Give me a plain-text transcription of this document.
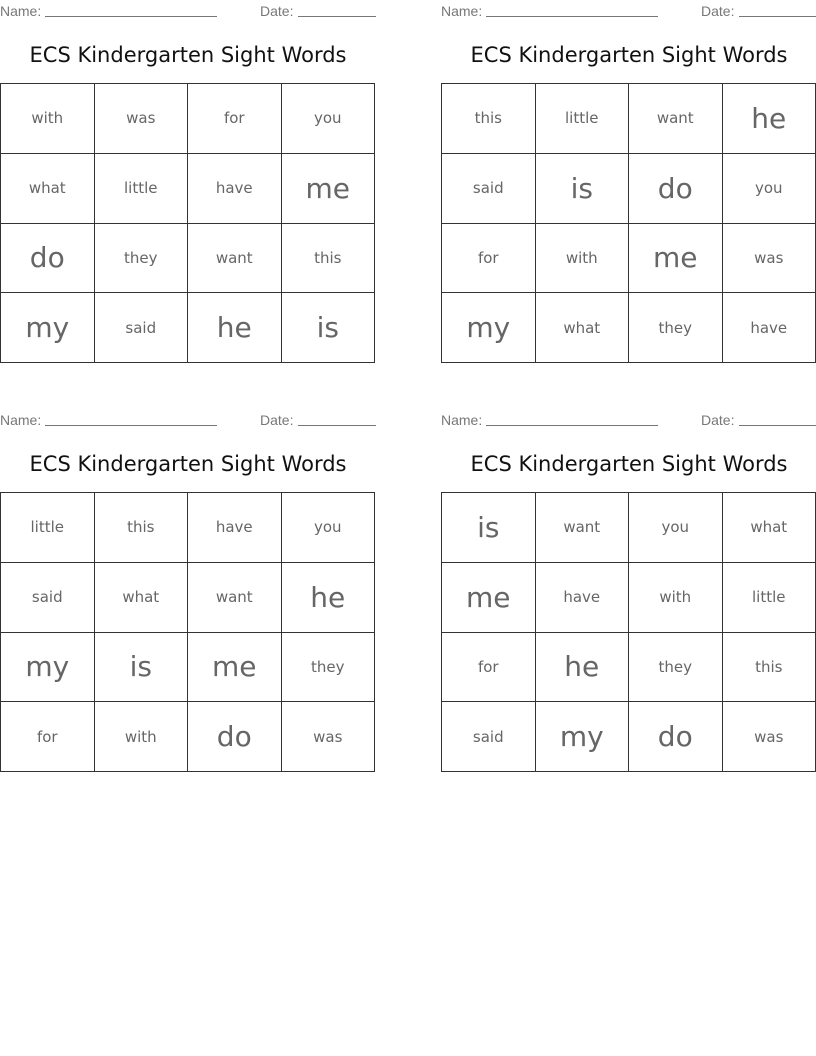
Name:	Date:
ECS Kindergarten Sight Words
with	was	for	you
what	little	have	me
do	they	want	this
my	said	he	is
Name:	Date:
ECS Kindergarten Sight Words
this	little	want	he
said	is	do	you
for	with	me	was
my	what	they	have
Name:	Date:
ECS Kindergarten Sight Words
little	this	have	you
said	what	want	he
my	is	me	they
for	with	do	was
Name:	Date:
ECS Kindergarten Sight Words
is	want	you	what
me	have	with	little
for	he	they	this
said	my	do	was
